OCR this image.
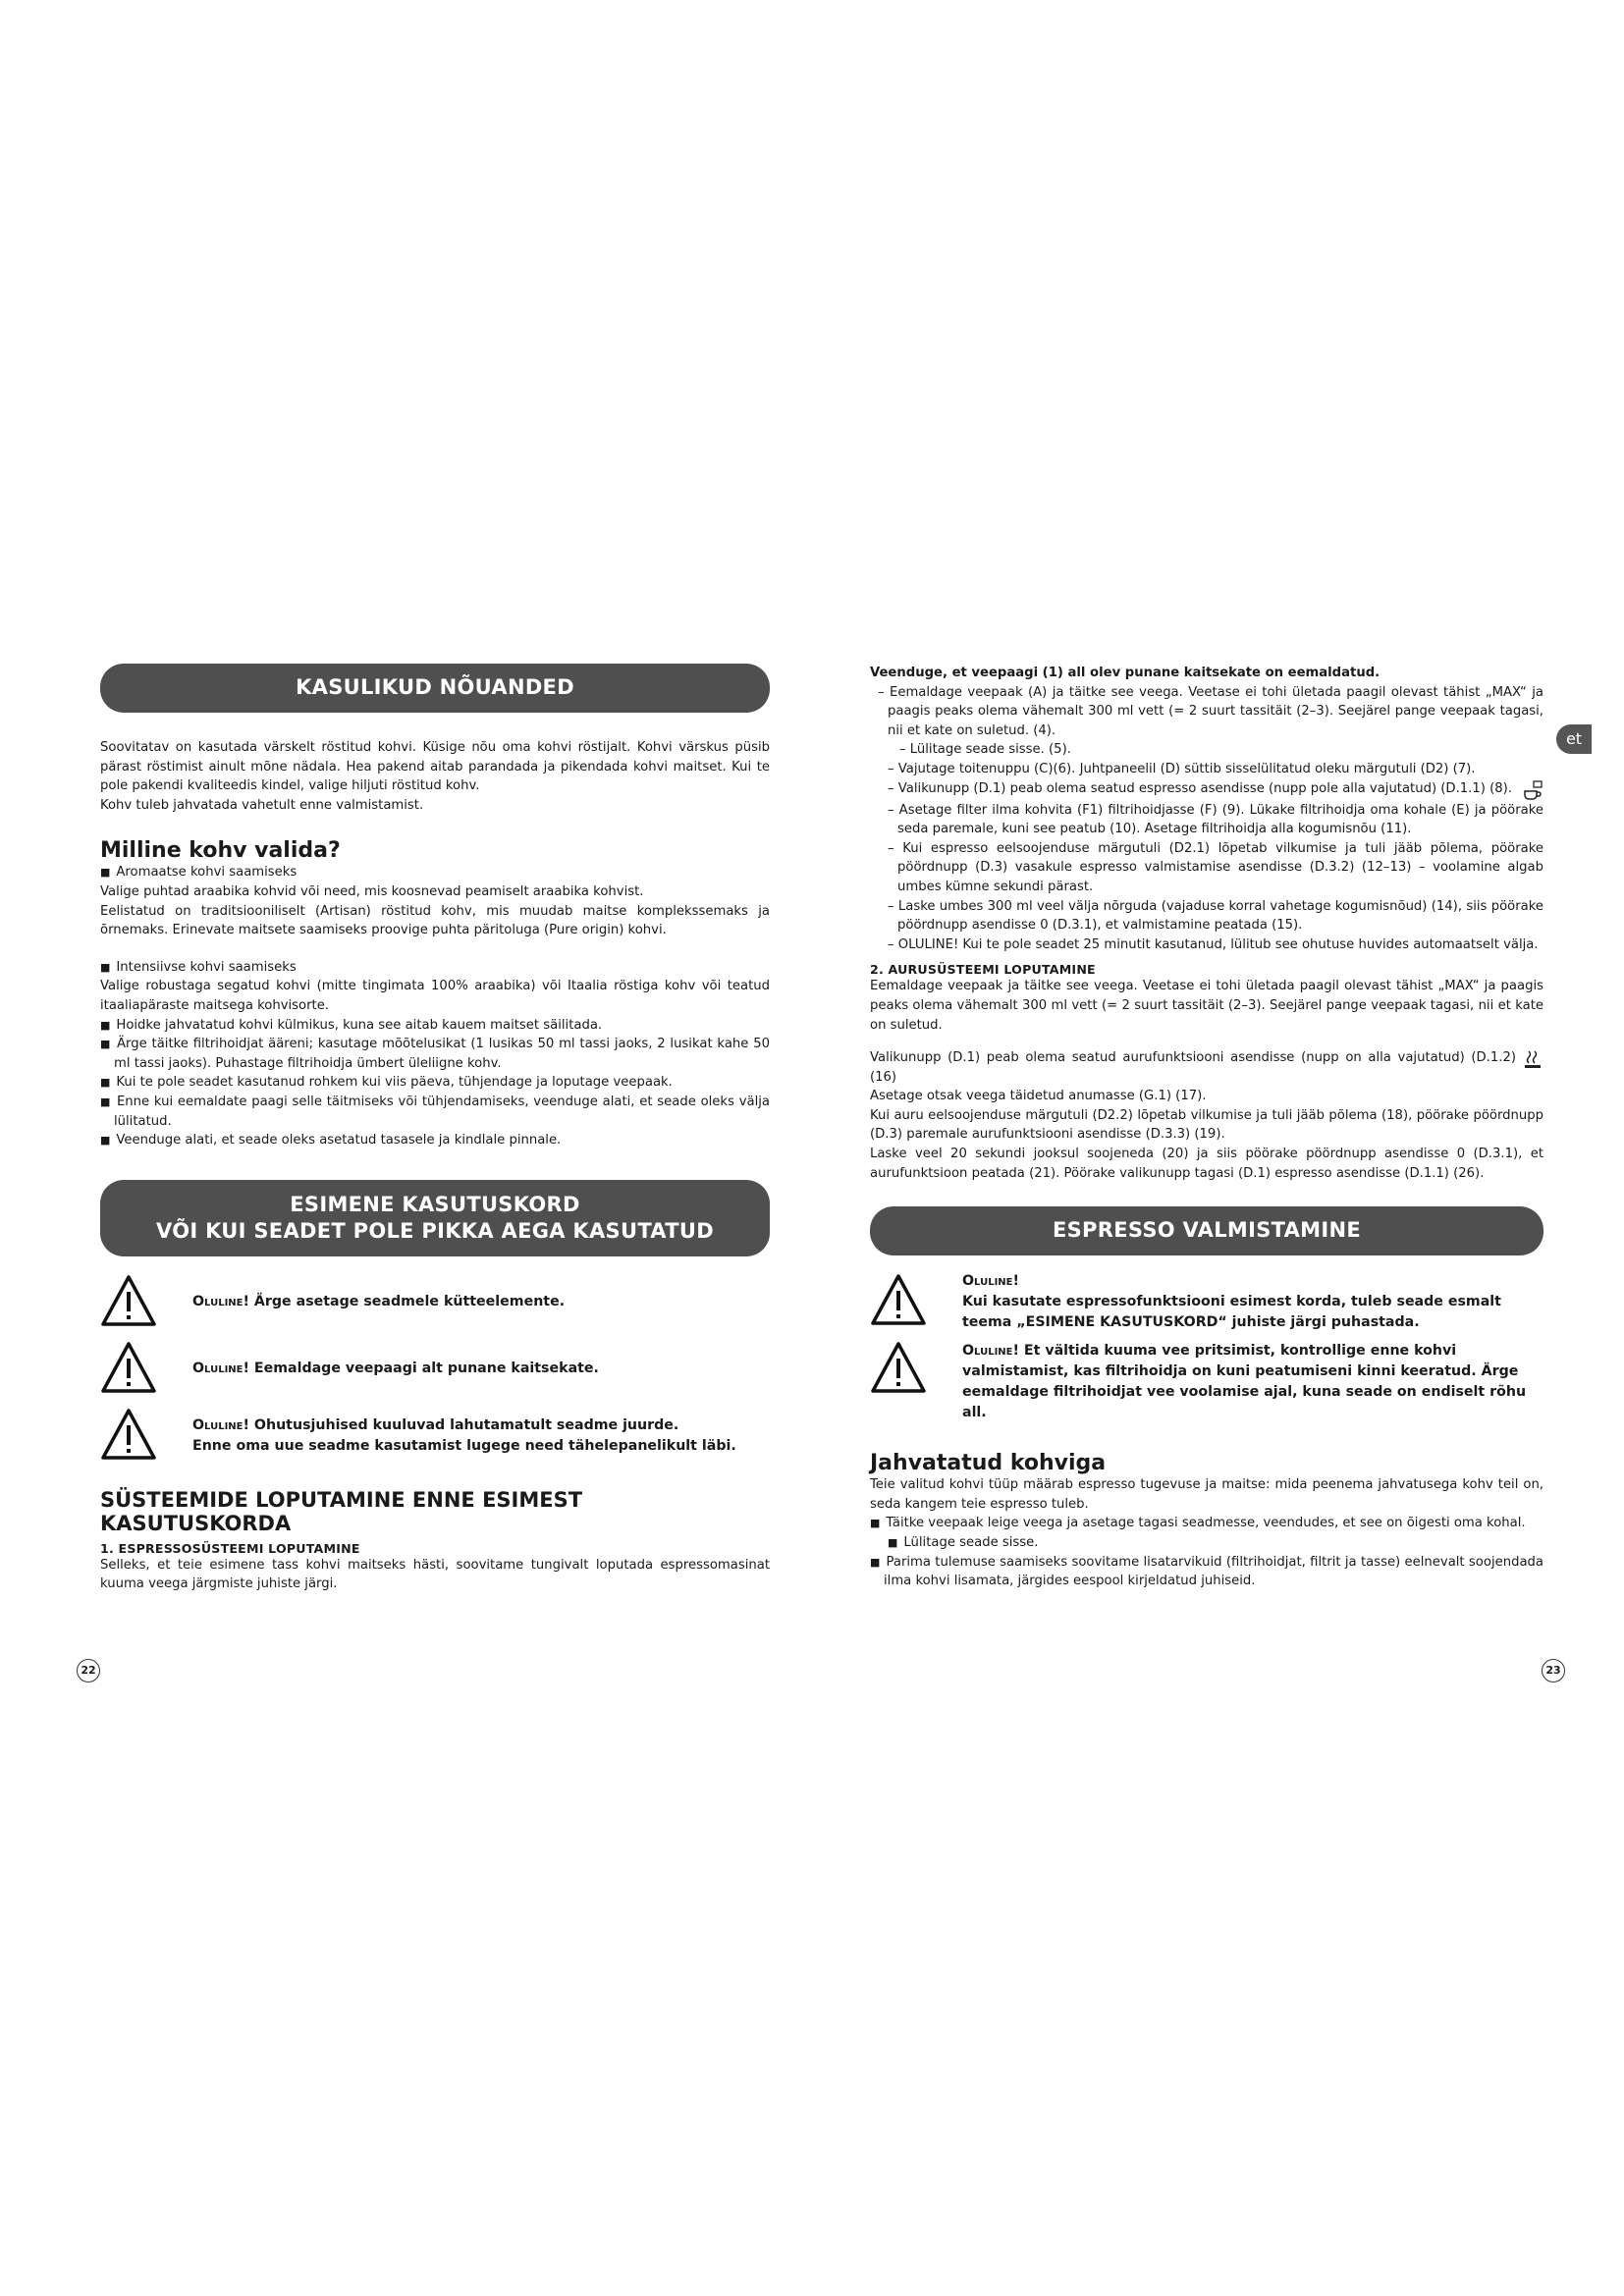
et
KASULIKUD NÕUANDED

Soovitatav on kasutada värskelt röstitud kohvi. Küsige nõu oma kohvi röstijalt. Kohvi värskus püsib pärast röstimist ainult mõne nädala. Hea pakend aitab parandada ja pikendada kohvi maitset. Kui te pole pakendi kvaliteedis kindel, valige hiljuti röstitud kohv.

Kohv tuleb jahvatada vahetult enne valmistamist.

Milline kohv valida?

■ Aromaatse kohvi saamiseks

Valige puhtad araabika kohvid või need, mis koosnevad peamiselt araabika kohvist.

Eelistatud on traditsiooniliselt (Artisan) röstitud kohv, mis muudab maitse komplekssemaks ja õrnemaks. Erinevate maitsete saamiseks proovige puhta päritoluga (Pure origin) kohvi.

■ Intensiivse kohvi saamiseks

Valige robustaga segatud kohvi (mitte tingimata 100% araabika) või Itaalia röstiga kohv või teatud itaaliapäraste maitsega kohvisorte.

■ Hoidke jahvatatud kohvi külmikus, kuna see aitab kauem maitset säilitada.

■ Ärge täitke filtrihoidjat ääreni; kasutage mõõtelusikat (1 lusikas 50 ml tassi jaoks, 2 lusikat kahe 50 ml tassi jaoks). Puhastage filtrihoidja ümbert üleliigne kohv.

■ Kui te pole seadet kasutanud rohkem kui viis päeva, tühjendage ja loputage veepaak.

■ Enne kui eemaldate paagi selle täitmiseks või tühjendamiseks, veenduge alati, et seade oleks välja lülitatud.

■ Veenduge alati, et seade oleks asetatud tasasele ja kindlale pinnale.

ESIMENE KASUTUSKORD
VÕI KUI SEADET POLE PIKKA AEGA KASUTATUD
Oluline! Ärge asetage seadmele kütteelemente.
Oluline! Eemaldage veepaagi alt punane kaitsekate.
Oluline! Ohutusjuhised kuuluvad lahutamatult seadme juurde.
Enne oma uue seadme kasutamist lugege need tähelepanelikult läbi.

SÜSTEEMIDE LOPUTAMINE ENNE ESIMEST KASUTUSKORDA

1. ESPRESSOSÜSTEEMI LOPUTAMINE

Selleks, et teie esimene tass kohvi maitseks hästi, soovitame tungivalt loputada espressomasinat kuuma veega järgmiste juhiste järgi.

22

Veenduge, et veepaagi (1) all olev punane kaitsekate on eemaldatud.

– Eemaldage veepaak (A) ja täitke see veega. Veetase ei tohi ületada paagil olevast tähist „MAX“ ja paagis peaks olema vähemalt 300 ml vett (= 2 suurt tassitäit (2–3). Seejärel pange veepaak tagasi, nii et kate on suletud. (4).

– Lülitage seade sisse. (5).

– Vajutage toitenuppu (C)(6). Juhtpaneelil (D) süttib sisselülitatud oleku märgutuli (D2) (7).

– Valikunupp (D.1) peab olema seatud espresso asendisse (nupp pole alla vajutatud) (D.1.1) (8).

– Asetage filter ilma kohvita (F1) filtrihoidjasse (F) (9). Lükake filtrihoidja oma kohale (E) ja pöörake seda paremale, kuni see peatub (10). Asetage filtrihoidja alla kogumisnõu (11).

– Kui espresso eelsoojenduse märgutuli (D2.1) lõpetab vilkumise ja tuli jääb põlema, pöörake pöördnupp (D.3) vasakule espresso valmistamise asendisse (D.3.2) (12–13) – voolamine algab umbes kümne sekundi pärast.

– Laske umbes 300 ml veel välja nõrguda (vajaduse korral vahetage kogumisnõud) (14), siis pöörake pöördnupp asendisse 0 (D.3.1), et valmistamine peatada (15).

– OLULINE! Kui te pole seadet 25 minutit kasutanud, lülitub see ohutuse huvides automaatselt välja.

2. AURUSÜSTEEMI LOPUTAMINE

Eemaldage veepaak ja täitke see veega. Veetase ei tohi ületada paagil olevast tähist „MAX“ ja paagis peaks olema vähemalt 300 ml vett (= 2 suurt tassitäit (2–3). Seejärel pange veepaak tagasi, nii et kate on suletud.

Valikunupp (D.1) peab olema seatud aurufunktsiooni asendisse (nupp on alla vajutatud) (D.1.2) (16)

Asetage otsak veega täidetud anumasse (G.1) (17).

Kui auru eelsoojenduse märgutuli (D2.2) lõpetab vilkumise ja tuli jääb põlema (18), pöörake pöördnupp (D.3) paremale aurufunktsiooni asendisse (D.3.3) (19).

Laske veel 20 sekundi jooksul soojeneda (20) ja siis pöörake pöördnupp asendisse 0 (D.3.1), et aurufunktsioon peatada (21). Pöörake valikunupp tagasi (D.1) espresso asendisse (D.1.1) (26).

ESPRESSO VALMISTAMINE
Oluline!
Kui kasutate espressofunktsiooni esimest korda, tuleb seade esmalt teema „ESIMENE KASUTUSKORD“ juhiste järgi puhastada.
Oluline! Et vältida kuuma vee pritsimist, kontrollige enne kohvi valmistamist, kas filtrihoidja on kuni peatumiseni kinni keeratud. Ärge eemaldage filtrihoidjat vee voolamise ajal, kuna seade on endiselt rõhu all.

Jahvatatud kohviga

Teie valitud kohvi tüüp määrab espresso tugevuse ja maitse: mida peenema jahvatusega kohv teil on, seda kangem teie espresso tuleb.

■ Täitke veepaak leige veega ja asetage tagasi seadmesse, veendudes, et see on õigesti oma kohal.

■ Lülitage seade sisse.

■ Parima tulemuse saamiseks soovitame lisatarvikuid (filtrihoidjat, filtrit ja tasse) eelnevalt soojendada ilma kohvi lisamata, järgides eespool kirjeldatud juhiseid.

23
